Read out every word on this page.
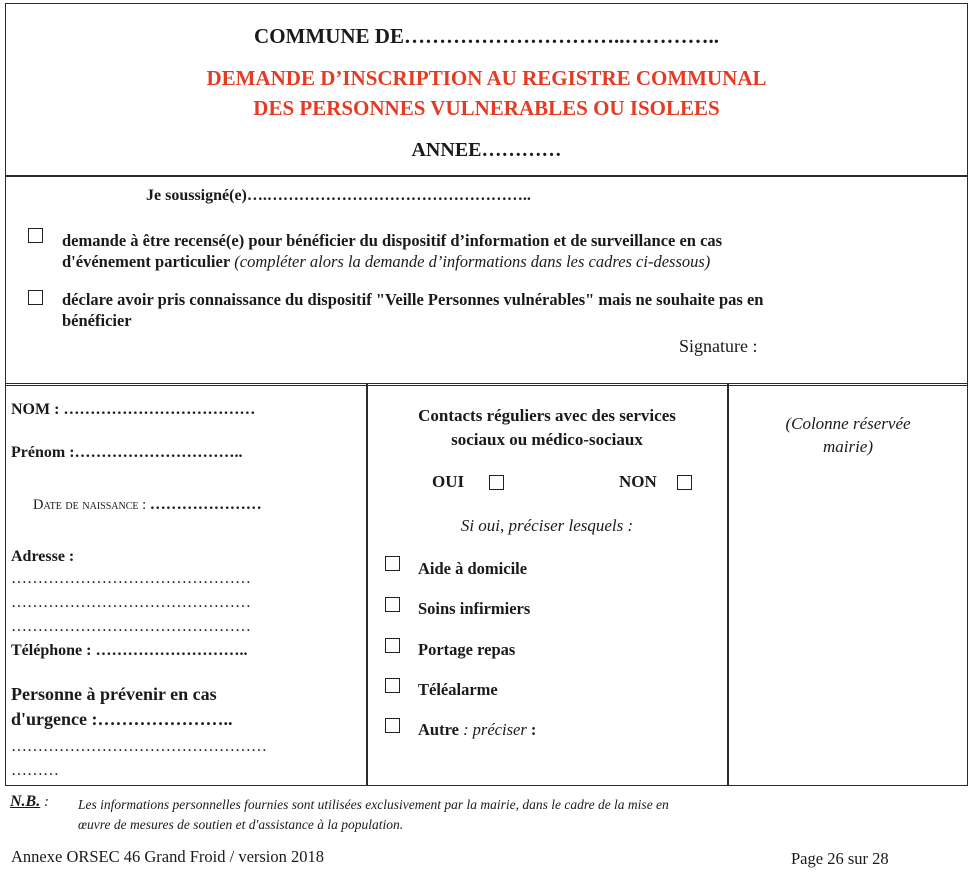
COMMUNE DE…………………………..…………..
DEMANDE D’INSCRIPTION AU REGISTRE COMMUNAL
DES PERSONNES VULNERABLES OU ISOLEES
ANNEE…………
Je soussigné(e)….…………………………………………..
demande à être recensé(e) pour bénéficier du dispositif d’information et de surveillance en cas
d'événement particulier (compléter alors la demande d’informations dans les cadres ci-dessous)
déclare avoir pris connaissance du dispositif "Veille Personnes vulnérables" mais ne souhaite pas en
bénéficier
Signature :
NOM : ………………………………
Prénom :…………………………..
Date de naissance : …………………
Adresse :
………………………………………
………………………………………
………………………………………
Téléphone : ………………………..
Personne à prévenir en cas
d'urgence :…………………..
…………………………………………
………
Contacts réguliers avec des services
sociaux ou médico-sociaux
OUI	NON
Si oui, préciser lesquels :
Aide à domicile
Soins infirmiers
Portage repas
Téléalarme
Autre : préciser :
(Colonne réservée
mairie)
N.B. : Les informations personnelles fournies sont utilisées exclusivement par la mairie, dans le cadre de la mise en
œuvre de mesures de soutien et d'assistance à la population.
Annexe ORSEC 46 Grand Froid / version 2018	Page 26 sur 28
